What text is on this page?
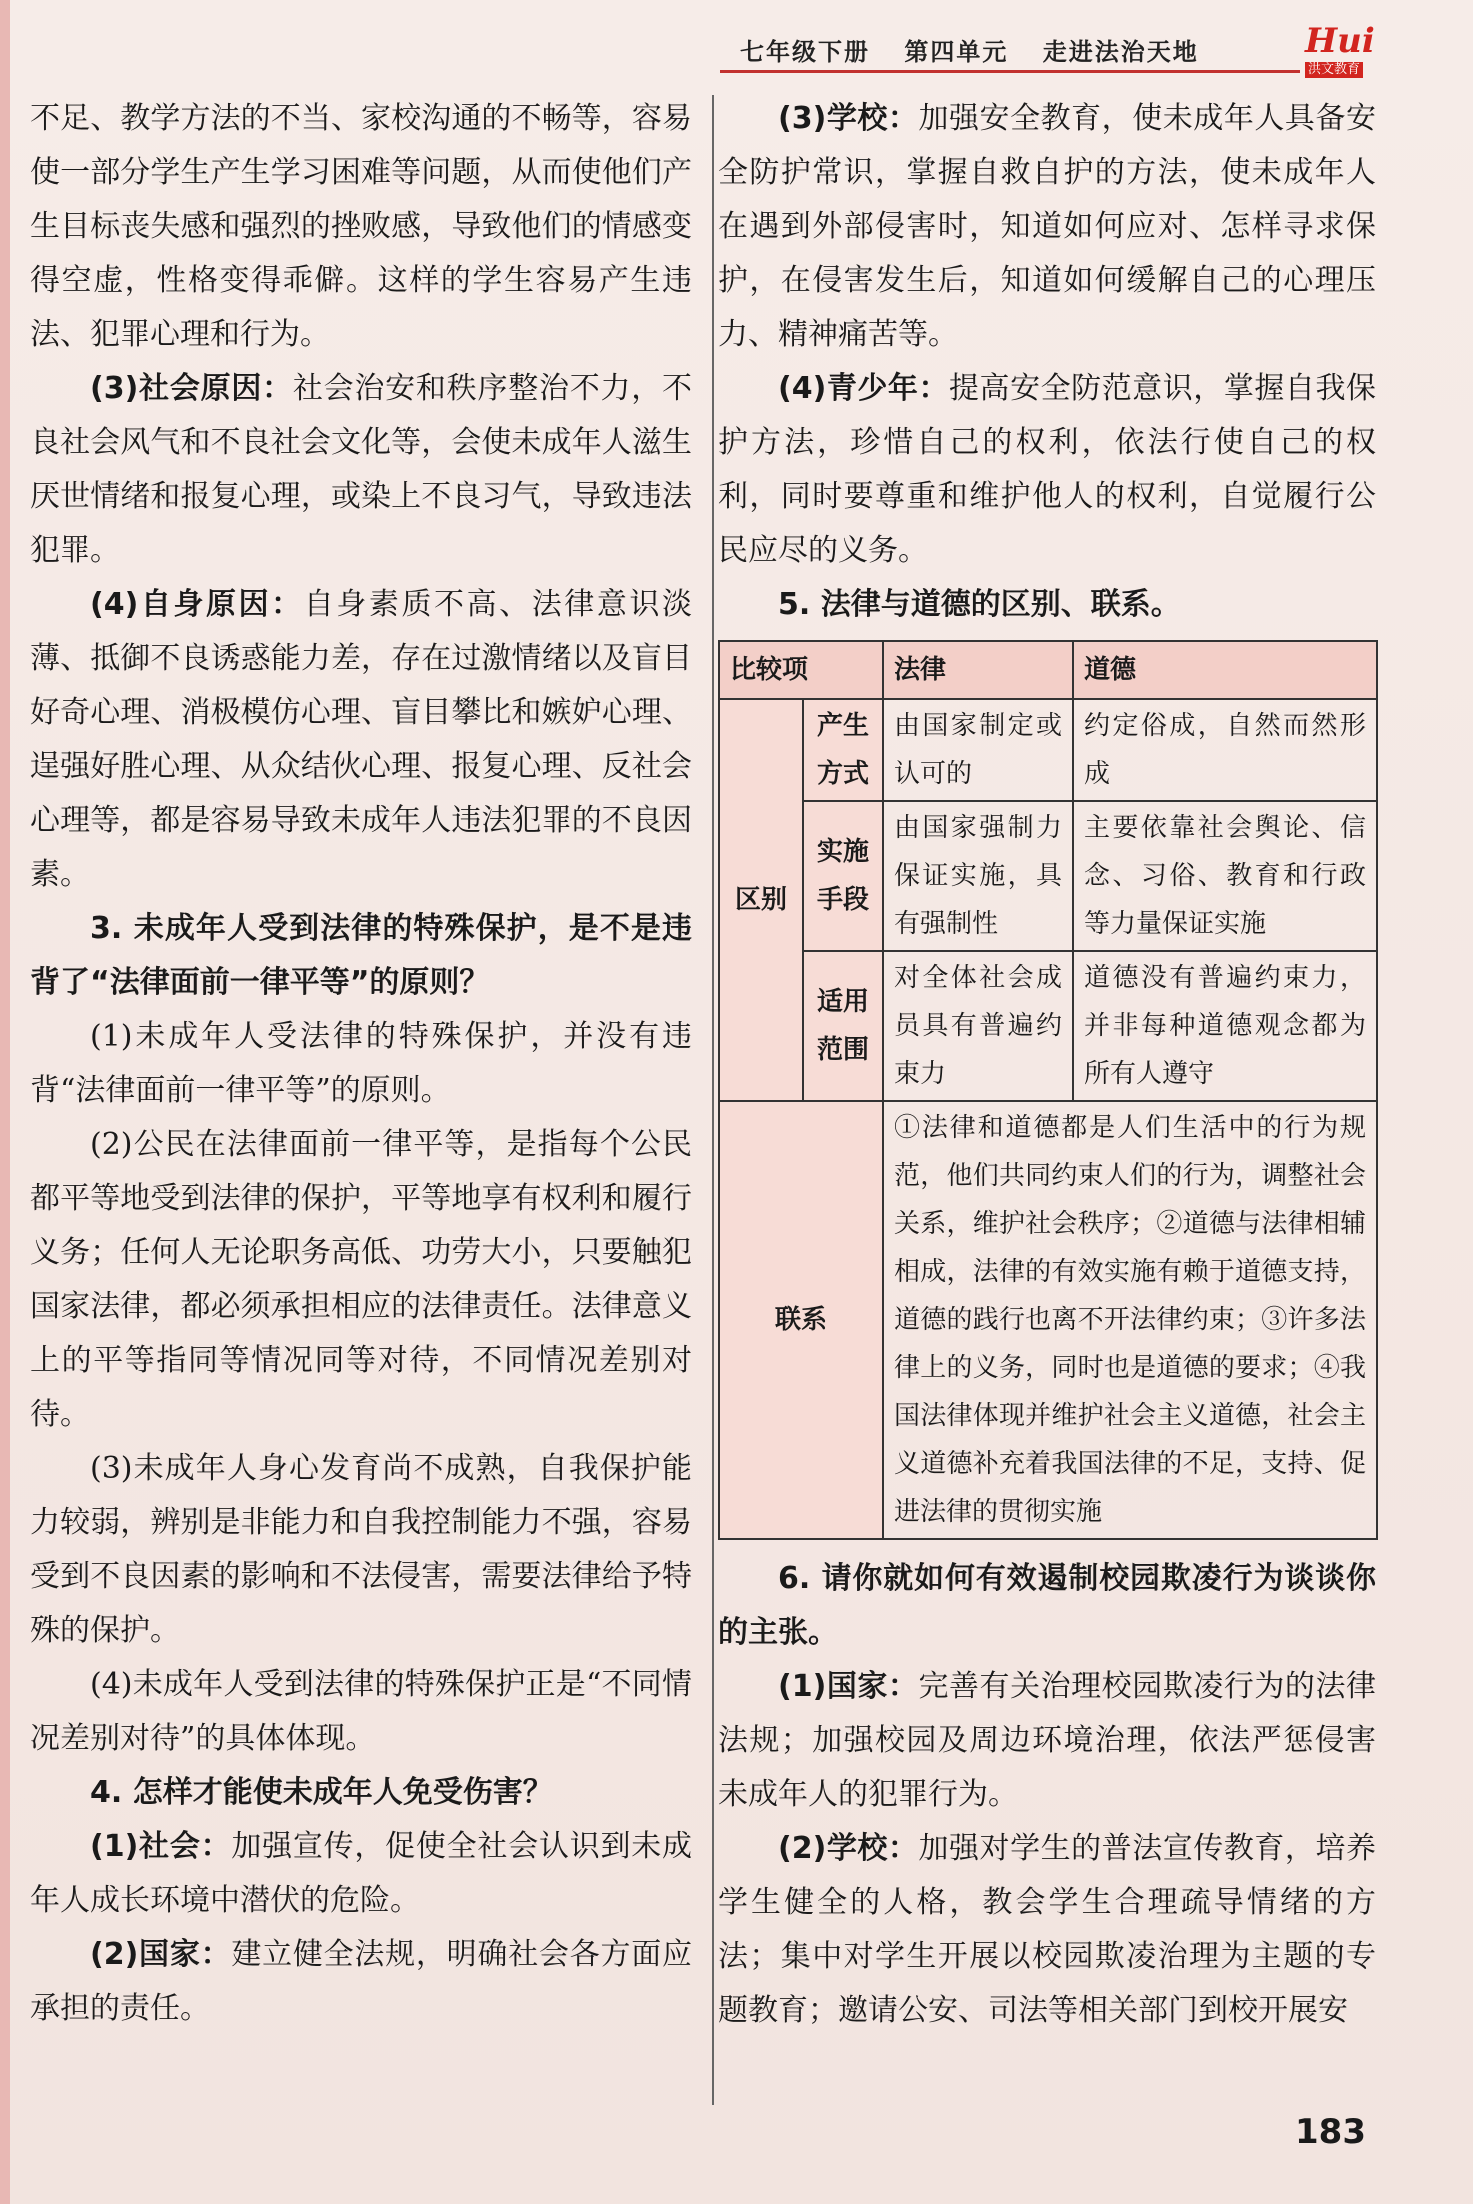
七年级下册 第四单元 走进法治天地	Hui
洪文教育

不足、教学方法的不当、家校沟通的不畅等，容易使一部分学生产生学习困难等问题，从而使他们产生目标丧失感和强烈的挫败感，导致他们的情感变得空虚，性格变得乖僻。这样的学生容易产生违法、犯罪心理和行为。

(3)社会原因：社会治安和秩序整治不力，不良社会风气和不良社会文化等，会使未成年人滋生厌世情绪和报复心理，或染上不良习气，导致违法犯罪。

(4)自身原因：自身素质不高、法律意识淡薄、抵御不良诱惑能力差，存在过激情绪以及盲目好奇心理、消极模仿心理、盲目攀比和嫉妒心理、逞强好胜心理、从众结伙心理、报复心理、反社会心理等，都是容易导致未成年人违法犯罪的不良因素。

3. 未成年人受到法律的特殊保护，是不是违背了“法律面前一律平等”的原则？

(1)未成年人受法律的特殊保护，并没有违背“法律面前一律平等”的原则。

(2)公民在法律面前一律平等，是指每个公民都平等地受到法律的保护，平等地享有权利和履行义务；任何人无论职务高低、功劳大小，只要触犯国家法律，都必须承担相应的法律责任。法律意义上的平等指同等情况同等对待，不同情况差别对待。

(3)未成年人身心发育尚不成熟，自我保护能力较弱，辨别是非能力和自我控制能力不强，容易受到不良因素的影响和不法侵害，需要法律给予特殊的保护。

(4)未成年人受到法律的特殊保护正是“不同情况差别对待”的具体体现。

4. 怎样才能使未成年人免受伤害？

(1)社会：加强宣传，促使全社会认识到未成年人成长环境中潜伏的危险。

(2)国家：建立健全法规，明确社会各方面应承担的责任。

(3)学校：加强安全教育，使未成年人具备安全防护常识，掌握自救自护的方法，使未成年人在遇到外部侵害时，知道如何应对、怎样寻求保护，在侵害发生后，知道如何缓解自己的心理压力、精神痛苦等。

(4)青少年：提高安全防范意识，掌握自我保护方法，珍惜自己的权利，依法行使自己的权利，同时要尊重和维护他人的权利，自觉履行公民应尽的义务。

5. 法律与道德的区别、联系。

比较项		法律	道德
区别	产生方式	由国家制定或认可的	约定俗成，自然而然形成
	实施手段	由国家强制力保证实施，具有强制性	主要依靠社会舆论、信念、习俗、教育和行政等力量保证实施
	适用范围	对全体社会成员具有普遍约束力	道德没有普遍约束力，并非每种道德观念都为所有人遵守
联系		①法律和道德都是人们生活中的行为规范，他们共同约束人们的行为，调整社会关系，维护社会秩序；②道德与法律相辅相成，法律的有效实施有赖于道德支持，道德的践行也离不开法律约束；③许多法律上的义务，同时也是道德的要求；④我国法律体现并维护社会主义道德，社会主义道德补充着我国法律的不足，支持、促进法律的贯彻实施	

6. 请你就如何有效遏制校园欺凌行为谈谈你的主张。

(1)国家：完善有关治理校园欺凌行为的法律法规；加强校园及周边环境治理，依法严惩侵害未成年人的犯罪行为。

(2)学校：加强对学生的普法宣传教育，培养学生健全的人格，教会学生合理疏导情绪的方法；集中对学生开展以校园欺凌治理为主题的专题教育；邀请公安、司法等相关部门到校开展安

183
